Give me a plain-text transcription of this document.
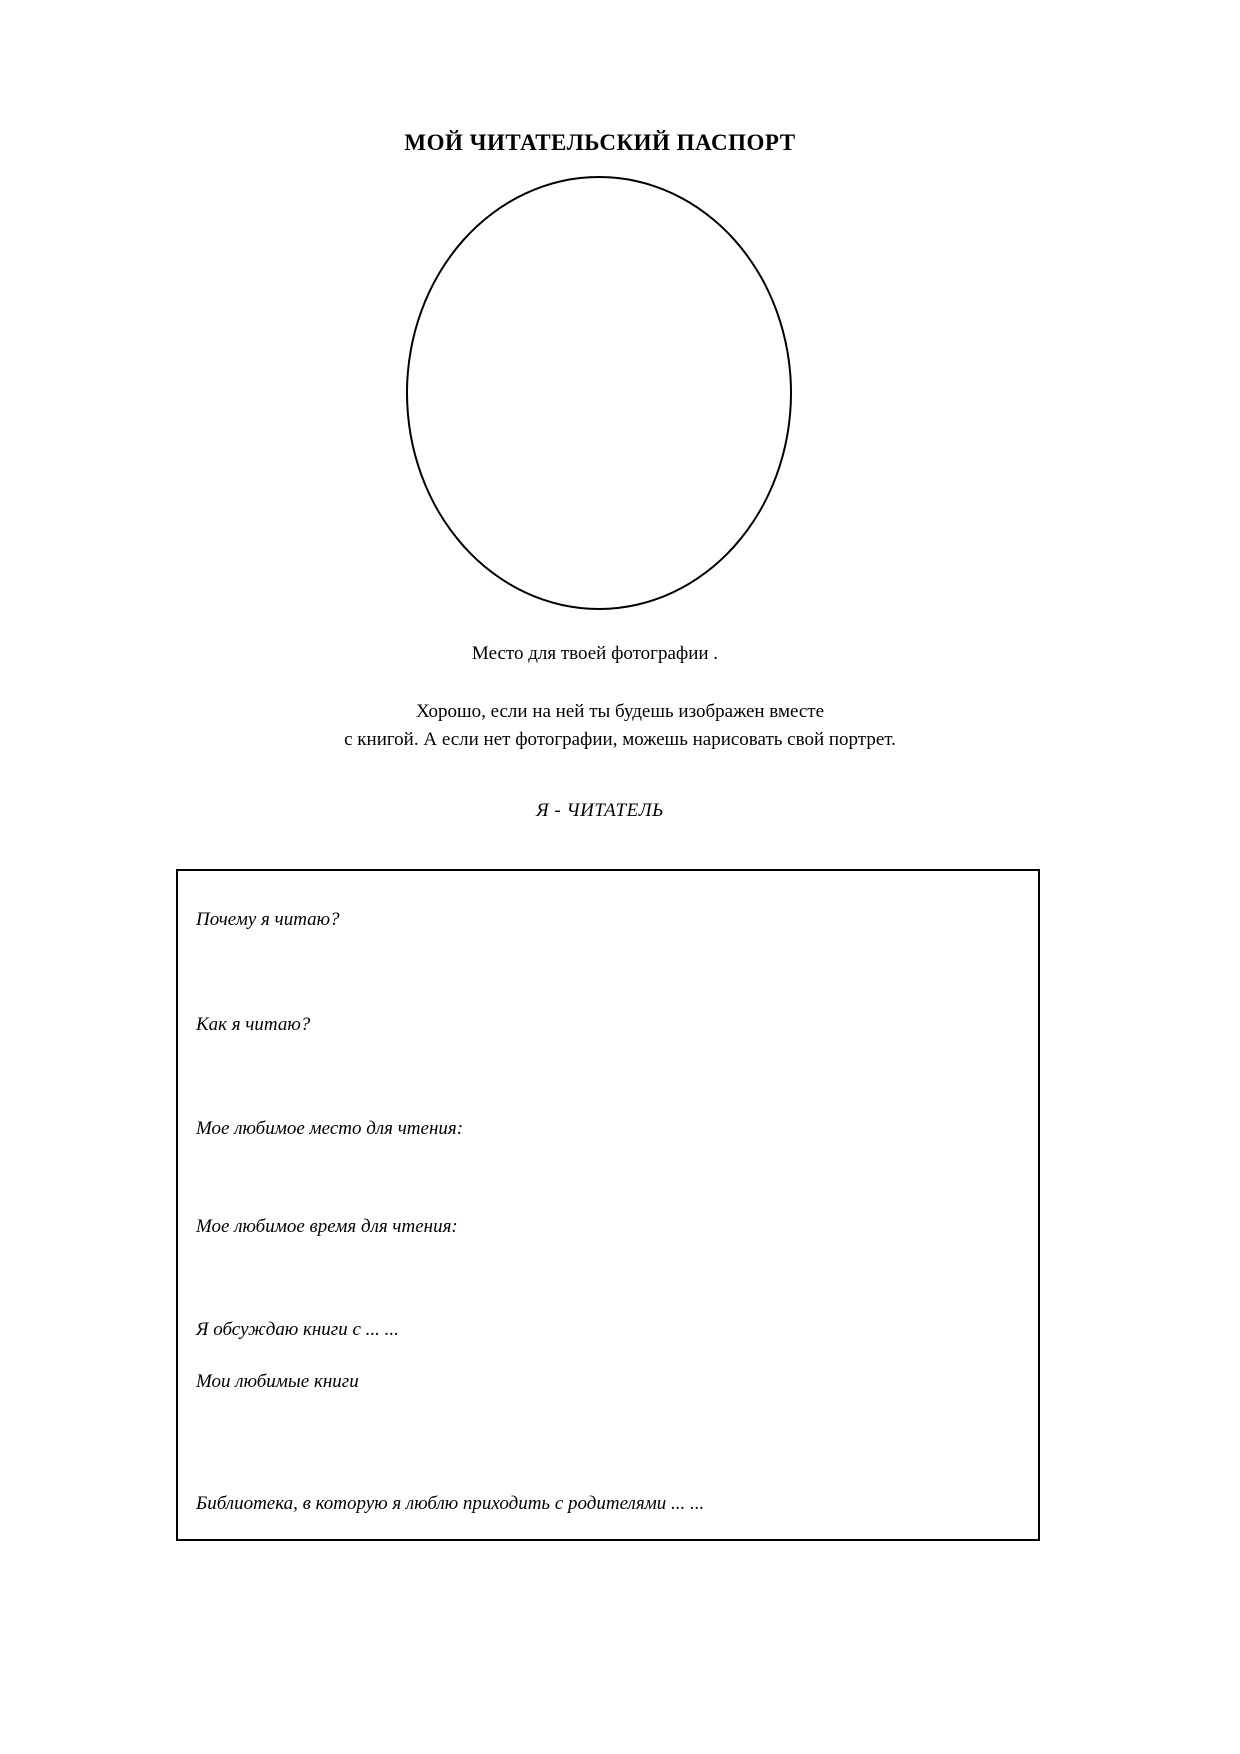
МОЙ ЧИТАТЕЛЬСКИЙ ПАСПОРТ
Место для твоей фотографии .
Хорошо, если на ней ты будешь изображен вместе
с книгой. А если нет фотографии, можешь нарисовать свой портрет.
Я - ЧИТАТЕЛЬ
Почему я читаю?
Как я читаю?
Мое любимое место для чтения:
Мое любимое время для чтения:
Я обсуждаю книги с ... ...
Мои любимые книги
Библиотека, в которую я люблю приходить с родителями ... ...
